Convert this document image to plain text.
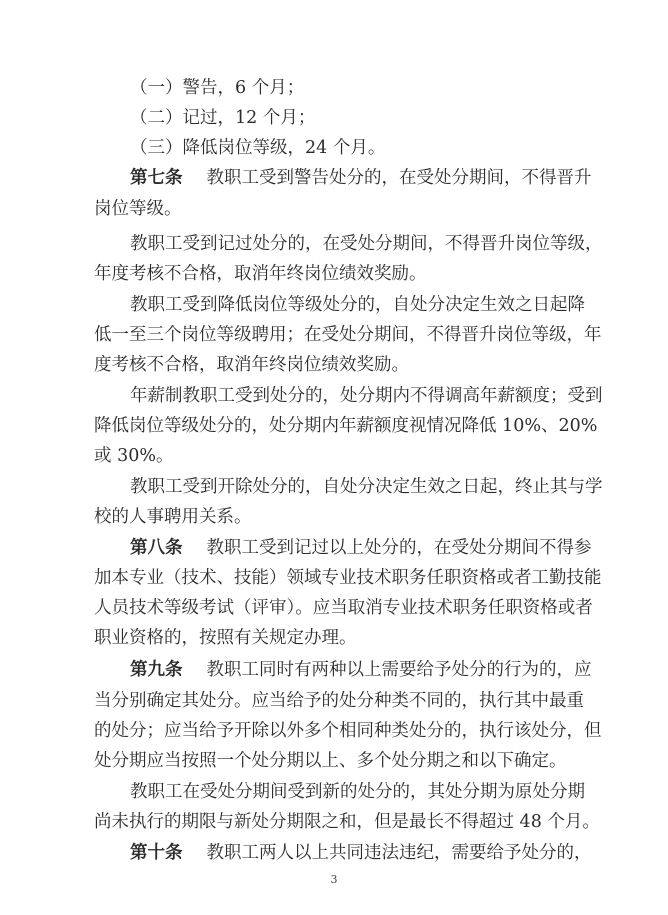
（一）警告，6 个月；
（二）记过，12 个月；
（三）降低岗位等级，24 个月。
第七条 教职工受到警告处分的，在受处分期间，不得晋升
岗位等级。
教职工受到记过处分的，在受处分期间，不得晋升岗位等级，
年度考核不合格，取消年终岗位绩效奖励。
教职工受到降低岗位等级处分的，自处分决定生效之日起降
低一至三个岗位等级聘用；在受处分期间，不得晋升岗位等级，年
度考核不合格，取消年终岗位绩效奖励。
年薪制教职工受到处分的，处分期内不得调高年薪额度；受到
降低岗位等级处分的，处分期内年薪额度视情况降低 10%、20%
或 30%。
教职工受到开除处分的，自处分决定生效之日起，终止其与学
校的人事聘用关系。
第八条 教职工受到记过以上处分的，在受处分期间不得参
加本专业（技术、技能）领域专业技术职务任职资格或者工勤技能
人员技术等级考试（评审）。应当取消专业技术职务任职资格或者
职业资格的，按照有关规定办理。
第九条 教职工同时有两种以上需要给予处分的行为的，应
当分别确定其处分。应当给予的处分种类不同的，执行其中最重
的处分；应当给予开除以外多个相同种类处分的，执行该处分，但
处分期应当按照一个处分期以上、多个处分期之和以下确定。
教职工在受处分期间受到新的处分的，其处分期为原处分期
尚未执行的期限与新处分期限之和，但是最长不得超过 48 个月。
第十条 教职工两人以上共同违法违纪，需要给予处分的，
3
